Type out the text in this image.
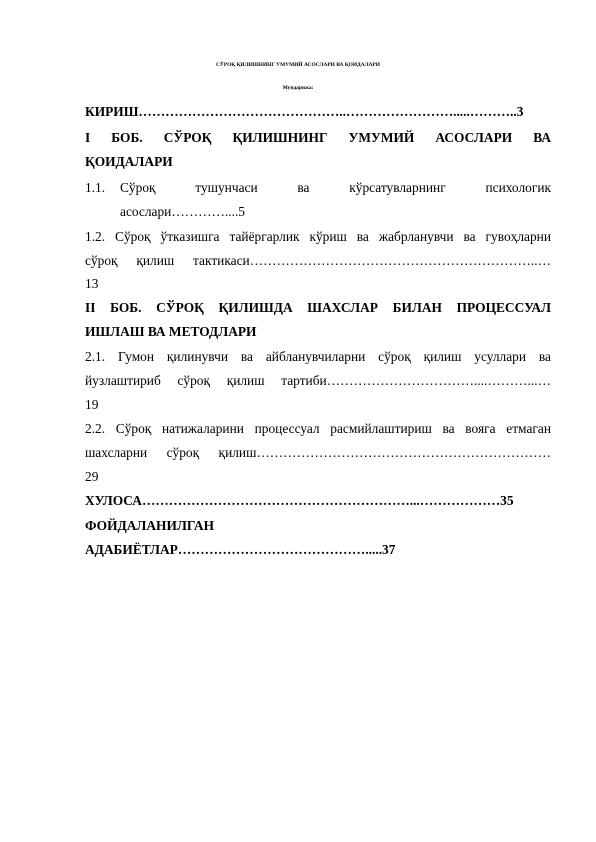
СЎРОҚ ҚИЛИШНИНГ УМУМИЙ АСОСЛАРИ ВА ҚОИДАЛАРИ
Мундарижа:
КИРИШ………………………………………..…………………….....………..3
I БОБ. СЎРОҚ ҚИЛИШНИНГ УМУМИЙ АСОСЛАРИ ВА
ҚОИДАЛАРИ
1.1. Сўроқ тушунчаси ва кўрсатувларнинг психологик
асослари…………....5
1.2. Сўроқ ўтказишга тайёргарлик кўриш ва жабрланувчи ва гувоҳларни
сўроқ қилиш тактикаси………………………………………………………..…
13
II БОБ. СЎРОҚ ҚИЛИШДА ШАХСЛАР БИЛАН ПРОЦЕССУАЛ
ИШЛАШ ВА МЕТОДЛАРИ
2.1. Гумон қилинувчи ва айбланувчиларни сўроқ қилиш усуллари ва
йузлаштириб сўроқ қилиш тартиби……………………………....………...…
19
2.2. Сўроқ натижаларини процессуал расмийлаштириш ва вояга етмаган
шахсларни сўроқ қилиш…………………………………………………………
29
ХУЛОСА……………………………………………………...………………35
ФОЙДАЛАНИЛГАН
АДАБИЁТЛАР…………………………………….....37
